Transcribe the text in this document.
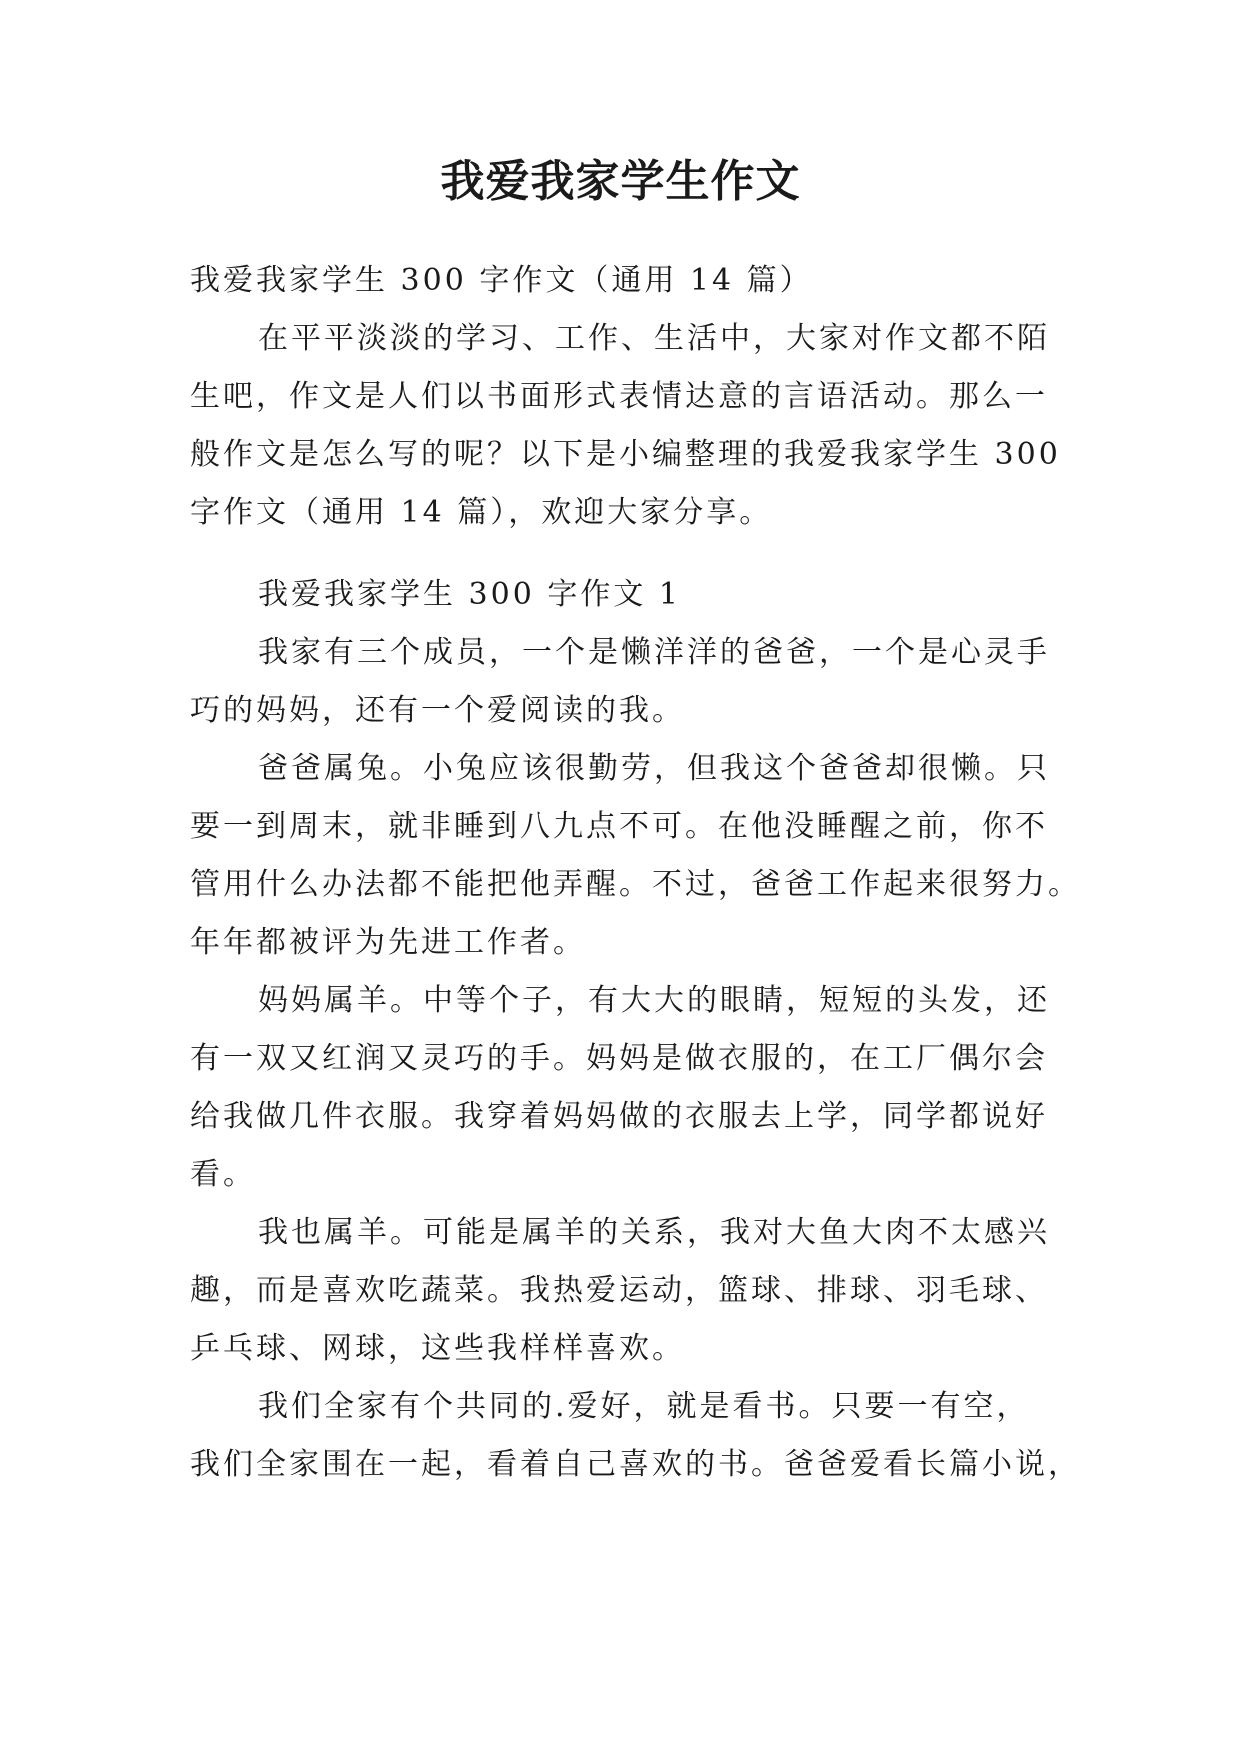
我爱我家学生作文
我爱我家学生 300 字作文（通用 14 篇）
在平平淡淡的学习、工作、生活中，大家对作文都不陌
生吧，作文是人们以书面形式表情达意的言语活动。那么一
般作文是怎么写的呢？以下是小编整理的我爱我家学生 300
字作文（通用 14 篇），欢迎大家分享。
我爱我家学生 300 字作文 1
我家有三个成员，一个是懒洋洋的爸爸，一个是心灵手
巧的妈妈，还有一个爱阅读的我。
爸爸属兔。小兔应该很勤劳，但我这个爸爸却很懒。只
要一到周末，就非睡到八九点不可。在他没睡醒之前，你不
管用什么办法都不能把他弄醒。不过，爸爸工作起来很努力。
年年都被评为先进工作者。
妈妈属羊。中等个子，有大大的眼睛，短短的头发，还
有一双又红润又灵巧的手。妈妈是做衣服的，在工厂偶尔会
给我做几件衣服。我穿着妈妈做的衣服去上学，同学都说好
看。
我也属羊。可能是属羊的关系，我对大鱼大肉不太感兴
趣，而是喜欢吃蔬菜。我热爱运动，篮球、排球、羽毛球、
乒乓球、网球，这些我样样喜欢。
我们全家有个共同的.爱好，就是看书。只要一有空，
我们全家围在一起，看着自己喜欢的书。爸爸爱看长篇小说，
